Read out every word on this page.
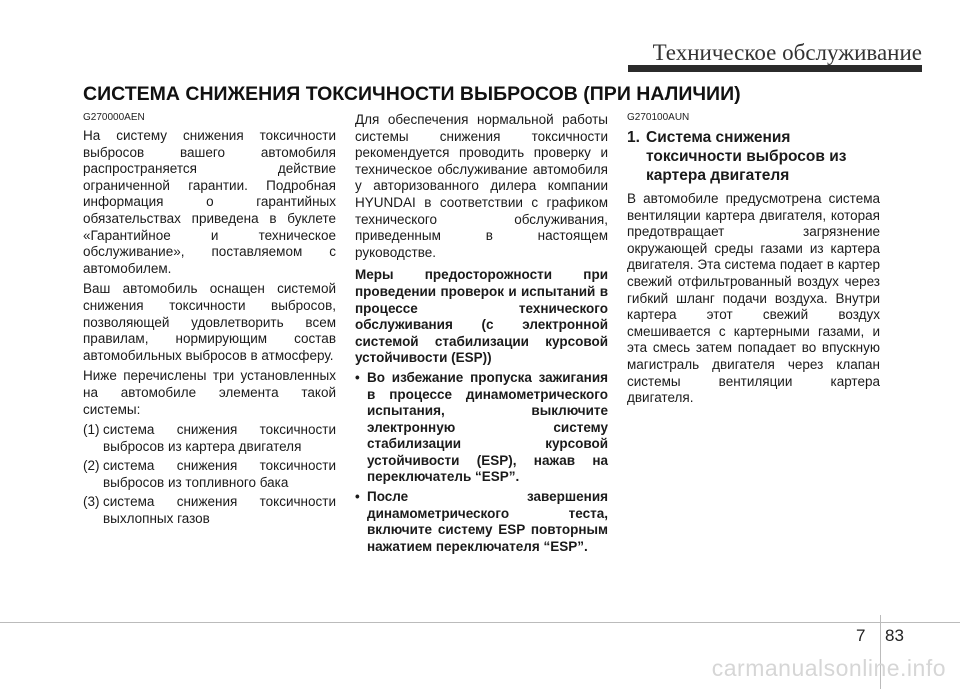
Техническое обслуживание
СИСТЕМА СНИЖЕНИЯ ТОКСИЧНОСТИ ВЫБРОСОВ (ПРИ НАЛИЧИИ)
G270000AEN

На систему снижения токсичности выбросов вашего автомобиля распространяется действие ограниченной гарантии. Подробная информация о гарантийных обязательствах приведена в буклете «Гарантийное и техническое обслуживание», поставляемом с автомобилем.

Ваш автомобиль оснащен системой снижения токсичности выбросов, позволяющей удовлетворить всем правилам, нормирующим состав автомобильных выбросов в атмосферу.

Ниже перечислены три установленных на автомобиле элемента такой системы:

(1) система снижения токсичности выбросов из картера двигателя
(2) система снижения токсичности выбросов из топливного бака
(3) система снижения токсичности выхлопных газов

Для обеспечения нормальной работы системы снижения токсичности рекомендуется проводить проверку и техническое обслуживание автомобиля у авторизованного дилера компании HYUNDAI в соответствии с графиком технического обслуживания, приведенным в настоящем руководстве.

Меры предосторожности при проведении проверок и испытаний в процессе технического обслуживания (с электронной системой стабилизации курсовой устойчивости (ESP))
• Во избежание пропуска зажигания в процессе динамометрического испытания, выключите электронную систему стабилизации курсовой устойчивости (ESP), нажав на переключатель “ESP”.
• После завершения динамометрического теста, включите систему ESP повторным нажатием переключателя “ESP”.
G270100AUN
1. Система снижения токсичности выбросов из картера двигателя

В автомобиле предусмотрена система вентиляции картера двигателя, которая предотвращает загрязнение окружающей среды газами из картера двигателя. Эта система подает в картер свежий отфильтрованный воздух через гибкий шланг подачи воздуха. Внутри картера этот свежий воздух смешивается с картерными газами, и эта смесь затем попадает во впускную магистраль двигателя через клапан системы вентиляции картера двигателя.

7 83
carmanualsonline.info
